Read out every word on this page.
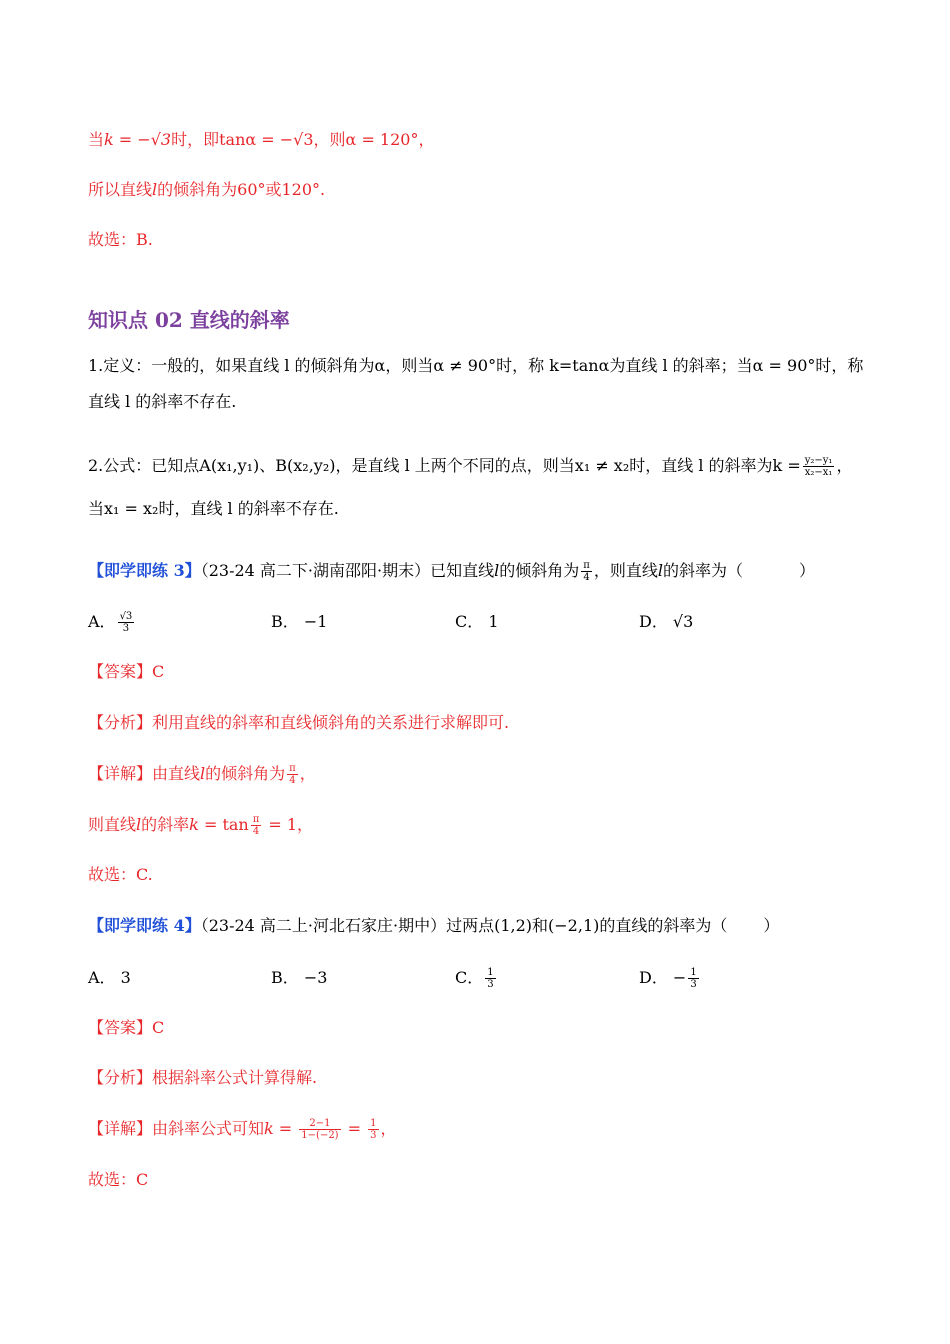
当k = −√3时，即tanα = −√3，则α = 120°，
所以直线l的倾斜角为60°或120°.
故选：B.
知识点 02 直线的斜率
1.定义：一般的，如果直线 l 的倾斜角为α，则当α ≠ 90°时，称 k=tanα为直线 l 的斜率；当α = 90°时，称直线 l 的斜率不存在.
2.公式：已知点A(x₁,y₁)、B(x₂,y₂)，是直线 l 上两个不同的点，则当x₁ ≠ x₂时，直线 l 的斜率为$k = \frac{\text{y₂−y₁}}{\text{x₂−x₁}}$ ，
当x₁ = x₂时，直线 l 的斜率不存在.
【即学即练 3】（23-24 高二下·湖南邵阳·期末）已知直线l的倾斜角为 $\frac{\pi}{4}$ ，则直线l的斜率为（	）
A． $\frac{√3}{3}$	B． −1	C． 1	D． √3
【答案】C
【分析】利用直线的斜率和直线倾斜角的关系进行求解即可.
【详解】由直线l的倾斜角为 $\frac{\pi}{4}$ ，
则直线l的斜率$k = \tan \frac{\pi}{4} = 1$，
故选：C.
【即学即练 4】（23-24 高二上·河北石家庄·期中）过两点(1,2)和(−2,1)的直线的斜率为（ ）
A． 3	B． −3	C． $\frac{1}{3}$	D． − $\frac{1}{3}$
【答案】C
【分析】根据斜率公式计算得解.
【详解】由斜率公式可知$k = \frac{2-1}{1-(-2)} = \frac{1}{3}$ ，
故选：C
